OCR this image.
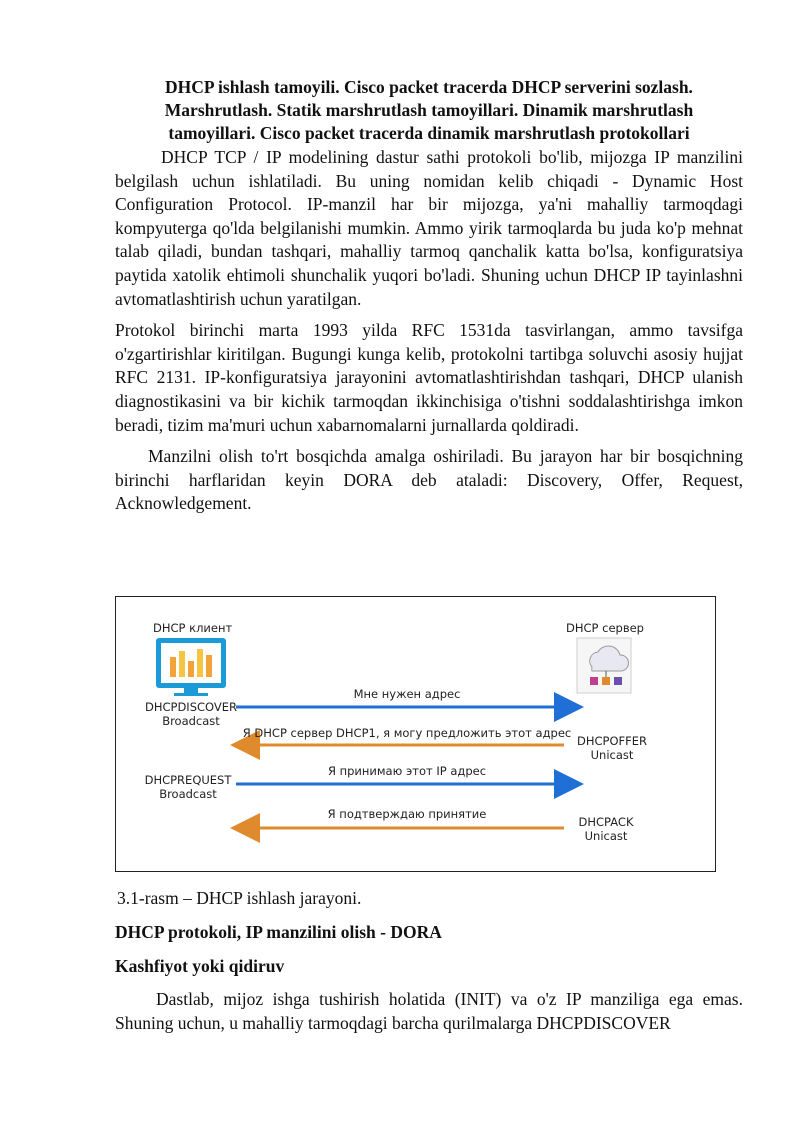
DHCP ishlash tamoyili. Cisco packet tracerda DHCP serverini sozlash.
Marshrutlash. Statik marshrutlash tamoyillari. Dinamik marshrutlash
tamoyillari. Cisco packet tracerda dinamik marshrutlash protokollari

DHCP TCP / IP modelining dastur sathi protokoli bo'lib, mijozga IP manzilini belgilash uchun ishlatiladi. Bu uning nomidan kelib chiqadi - Dynamic Host Configuration Protocol. IP-manzil har bir mijozga, ya'ni mahalliy tarmoqdagi kompyuterga qo'lda belgilanishi mumkin. Ammo yirik tarmoqlarda bu juda ko'p mehnat talab qiladi, bundan tashqari, mahalliy tarmoq qanchalik katta bo'lsa, konfiguratsiya paytida xatolik ehtimoli shunchalik yuqori bo'ladi. Shuning uchun DHCP IP tayinlashni avtomatlashtirish uchun yaratilgan.

Protokol birinchi marta 1993 yilda RFC 1531da tasvirlangan, ammo tavsifga o'zgartirishlar kiritilgan. Bugungi kunga kelib, protokolni tartibga soluvchi asosiy hujjat RFC 2131. IP-konfiguratsiya jarayonini avtomatlashtirishdan tashqari, DHCP ulanish diagnostikasini va bir kichik tarmoqdan ikkinchisiga o'tishni soddalashtirishga imkon beradi, tizim ma'muri uchun xabarnomalarni jurnallarda qoldiradi.

Manzilni olish to'rt bosqichda amalga oshiriladi. Bu jarayon har bir bosqichning birinchi harflaridan keyin DORA deb ataladi: Discovery, Offer, Request, Acknowledgement.

DHCP клиент	DHCP сервер
DHCPDISCOVER
Broadcast
DHCPOFFER
Unicast
DHCPREQUEST
Broadcast
DHCPACK
Unicast
Мне нужен адрес
Я DHCP сервер DHCP1, я могу предложить этот адрес
Я принимаю этот IP адрес
Я подтверждаю принятие
3.1-rasm – DHCP ishlash jarayoni.
DHCP protokoli, IP manzilini olish - DORA
Kashfiyot yoki qidiruv

Dastlab, mijoz ishga tushirish holatida (INIT) va o'z IP manziliga ega emas. Shuning uchun, u mahalliy tarmoqdagi barcha qurilmalarga DHCPDISCOVER
